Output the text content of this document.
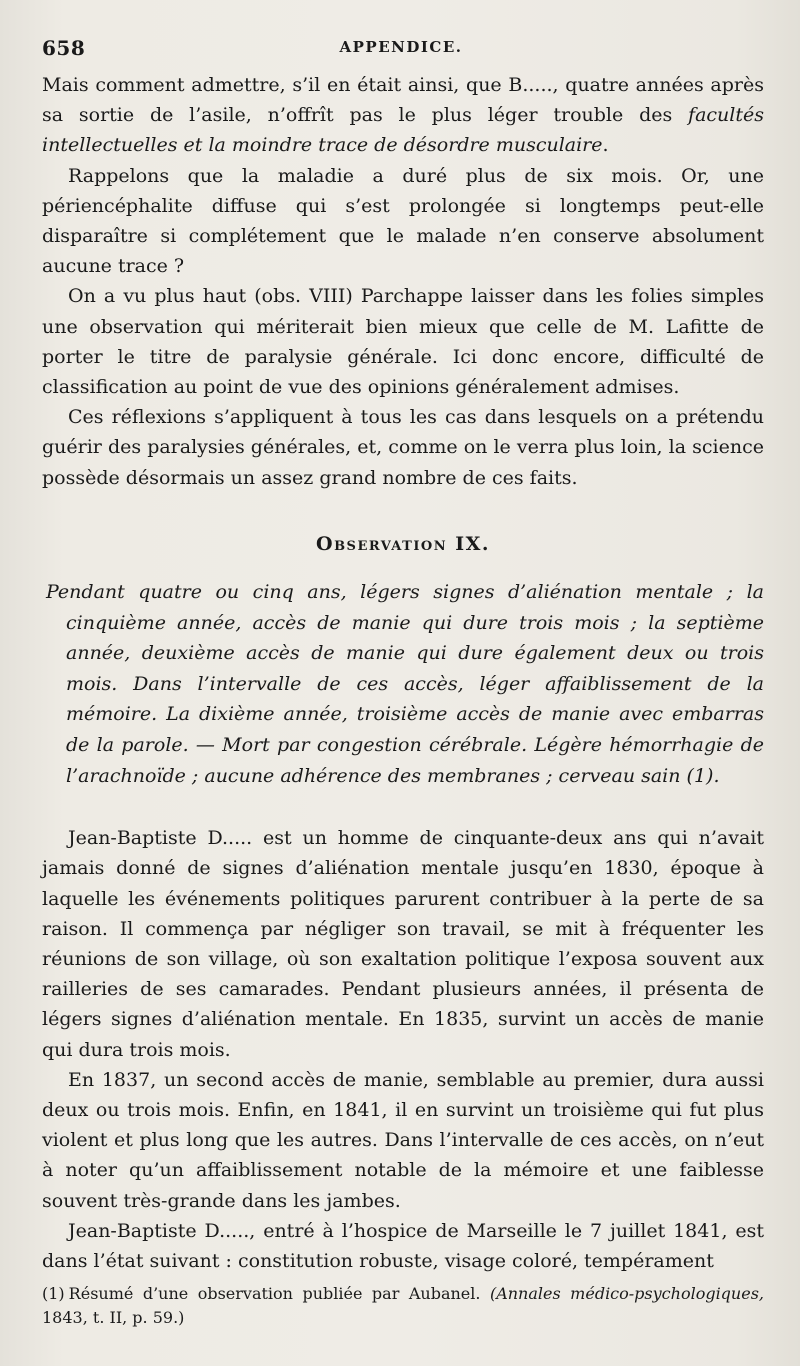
658	APPENDICE.

Mais comment admettre, s’il en était ainsi, que B....., quatre années après sa sortie de l’asile, n’offrît pas le plus léger trouble des facultés intellectuelles et la moindre trace de désordre musculaire.

Rappelons que la maladie a duré plus de six mois. Or, une périencéphalite diffuse qui s’est prolongée si longtemps peut-elle disparaître si complétement que le malade n’en conserve absolument aucune trace ?

On a vu plus haut (obs. VIII) Parchappe laisser dans les folies simples une observation qui mériterait bien mieux que celle de M. Lafitte de porter le titre de paralysie générale. Ici donc encore, difficulté de classification au point de vue des opinions généralement admises.

Ces réflexions s’appliquent à tous les cas dans lesquels on a prétendu guérir des paralysies générales, et, comme on le verra plus loin, la science possède désormais un assez grand nombre de ces faits.

Observation IX.

Pendant quatre ou cinq ans, légers signes d’aliénation mentale ; la cinquième année, accès de manie qui dure trois mois ; la septième année, deuxième accès de manie qui dure également deux ou trois mois. Dans l’intervalle de ces accès, léger affaiblissement de la mémoire. La dixième année, troisième accès de manie avec embarras de la parole. — Mort par congestion cérébrale. Légère hémorrhagie de l’arachnoïde ; aucune adhérence des membranes ; cerveau sain (1).

Jean-Baptiste D..... est un homme de cinquante-deux ans qui n’avait jamais donné de signes d’aliénation mentale jusqu’en 1830, époque à laquelle les événements politiques parurent contribuer à la perte de sa raison. Il commença par négliger son travail, se mit à fréquenter les réunions de son village, où son exaltation politique l’exposa souvent aux railleries de ses camarades. Pendant plusieurs années, il présenta de légers signes d’aliénation mentale. En 1835, survint un accès de manie qui dura trois mois.

En 1837, un second accès de manie, semblable au premier, dura aussi deux ou trois mois. Enfin, en 1841, il en survint un troisième qui fut plus violent et plus long que les autres. Dans l’intervalle de ces accès, on n’eut à noter qu’un affaiblissement notable de la mémoire et une faiblesse souvent très-grande dans les jambes.

Jean-Baptiste D....., entré à l’hospice de Marseille le 7 juillet 1841, est dans l’état suivant : constitution robuste, visage coloré, tempérament

(1) Résumé d’une observation publiée par Aubanel. (Annales médico-psychologiques, 1843, t. II, p. 59.)
